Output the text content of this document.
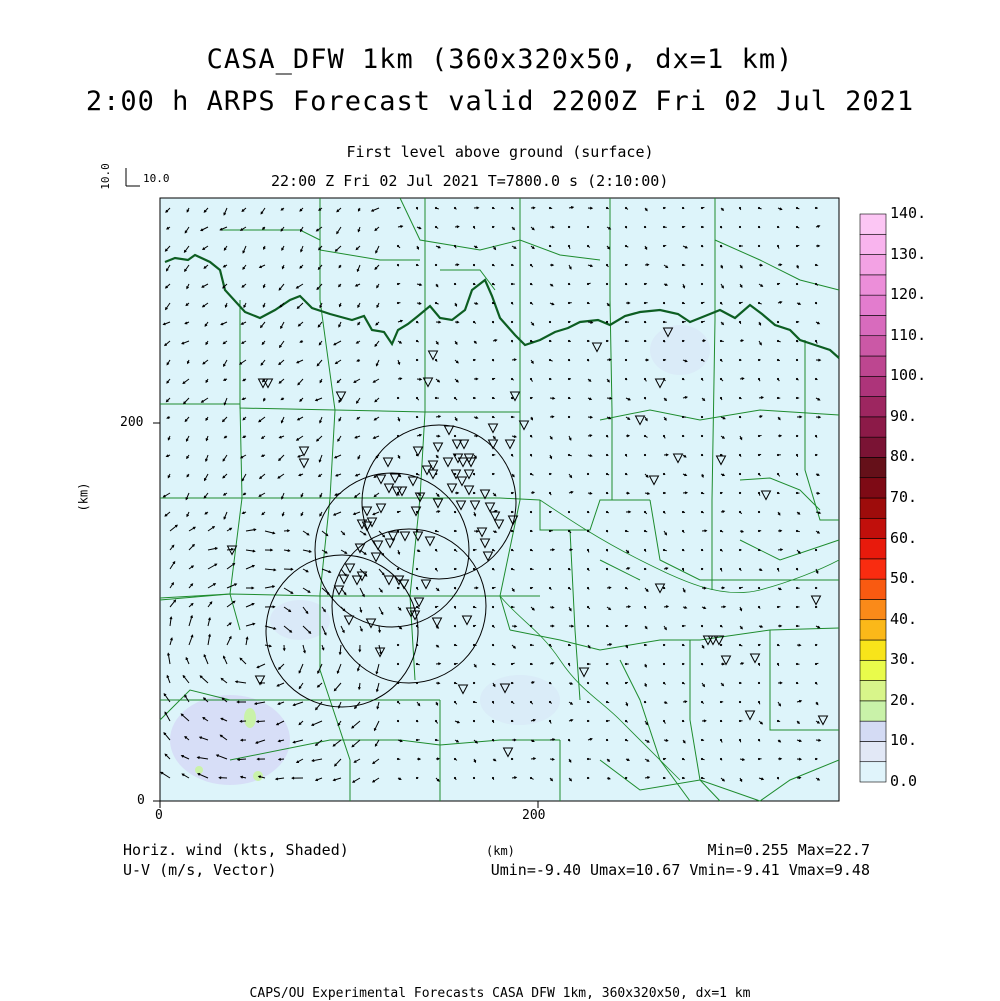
CASA_DFW 1km (360x320x50, dx=1 km)
2:00 h ARPS Forecast valid 2200Z Fri 02 Jul 2021
First level above ground (surface)
22:00 Z Fri 02 Jul 2021 T=7800.0 s (2:10:00)
10.0	10.0
(km)
(km)
0	200
0
200
0.0
10.
20.
30.
40.
50.
60.
70.
80.
90.
100.
110.
120.
130.
140.
Horiz. wind (kts, Shaded)
U-V (m/s, Vector)
Min=0.255 Max=22.7
Umin=-9.40 Umax=10.67 Vmin=-9.41 Vmax=9.48
CAPS/OU Experimental Forecasts CASA DFW 1km, 360x320x50, dx=1 km
